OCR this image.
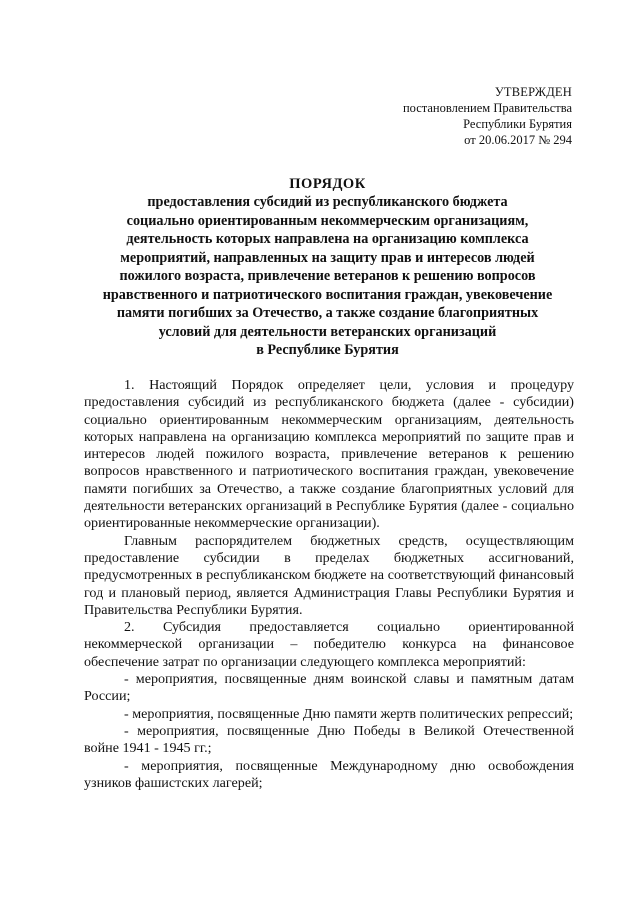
УТВЕРЖДЕН
постановлением Правительства
Республики Бурятия
от 20.06.2017 № 294
ПОРЯДОК
предоставления субсидий из республиканского бюджета
социально ориентированным некоммерческим организациям,
деятельность которых направлена на организацию комплекса
мероприятий, направленных на защиту прав и интересов людей
пожилого возраста, привлечение ветеранов к решению вопросов
нравственного и патриотического воспитания граждан, увековечение
памяти погибших за Отечество, а также создание благоприятных
условий для деятельности ветеранских организаций
в Республике Бурятия

1. Настоящий Порядок определяет цели, условия и процедуру предоставления субсидий из республиканского бюджета (далее - субсидии) социально ориентированным некоммерческим организациям, деятельность которых направлена на организацию комплекса мероприятий по защите прав и интересов людей пожилого возраста, привлечение ветеранов к решению вопросов нравственного и патриотического воспитания граждан, увековечение памяти погибших за Отечество, а также создание благоприятных условий для деятельности ветеранских организаций в Республике Бурятия (далее - социально ориентированные некоммерческие организации).

Главным распорядителем бюджетных средств, осуществляющим предоставление субсидии в пределах бюджетных ассигнований, предусмотренных в республиканском бюджете на соответствующий финансовый год и плановый период, является Администрация Главы Республики Бурятия и Правительства Республики Бурятия.

2. Субсидия предоставляется социально ориентированной некоммерческой организации – победителю конкурса на финансовое обеспечение затрат по организации следующего комплекса мероприятий:

- мероприятия, посвященные дням воинской славы и памятным датам России;

- мероприятия, посвященные Дню памяти жертв политических репрессий;

- мероприятия, посвященные Дню Победы в Великой Отечественной войне 1941 - 1945 гг.;

- мероприятия, посвященные Международному дню освобождения узников фашистских лагерей;
